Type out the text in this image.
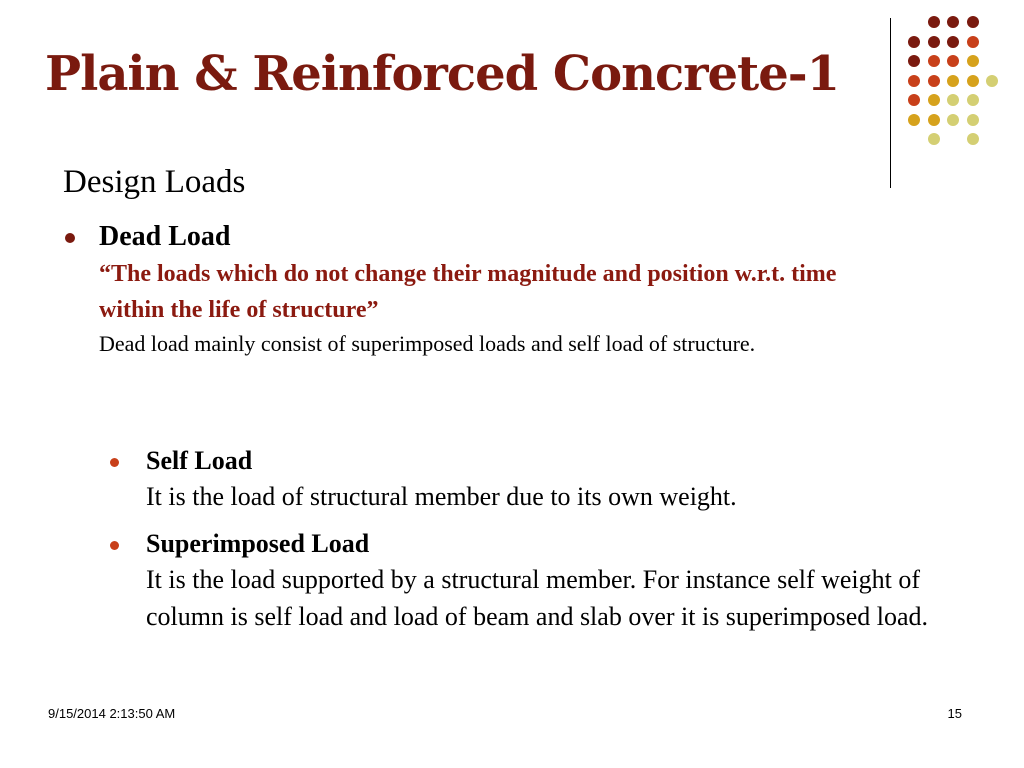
Plain & Reinforced Concrete-1
Design Loads
Dead Load
“The loads which do not change their magnitude and position w.r.t. time within the life of structure”
Dead load mainly consist of superimposed loads and self load of structure.
Self Load
It is the load of structural member due to its own weight.
Superimposed Load
It is the load supported by a structural member. For instance self weight of column is self load and load of beam and slab over it is superimposed load.
9/15/2014 2:13:50 AM	15
